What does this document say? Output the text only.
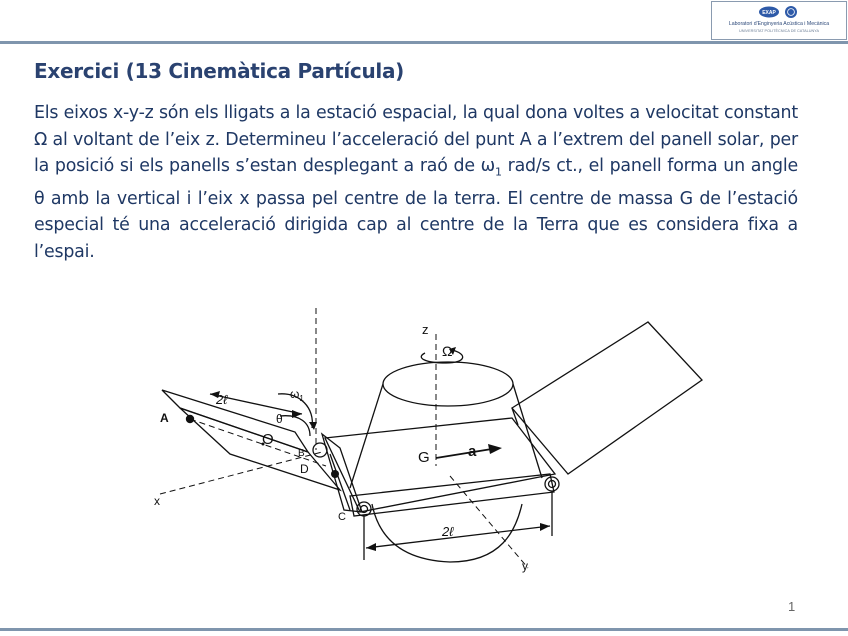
EXAP
Laboratori d'Enginyeria Acústica i Mecànica
UNIVERSITAT POLITÈCNICA DE CATALUNYA
Exercici (13 Cinemàtica Partícula)

Els eixos x-y-z són els lligats a la estació espacial, la qual dona voltes a velocitat constant Ω al voltant de l’eix z. Determineu l’acceleració del punt A a l’extrem del panell solar, per la posició si els panells s’estan desplegant a raó de $\omega_1$ rad/s ct., el panell forma un angle θ amb la vertical i l’eix x passa pel centre de la terra. El centre de massa G de l’estació especial té una acceleració dirigida cap al centre de la Terra que es considera fixa a l’espai.

z
Ω
$\omega_1$
θ
2ℓ
2ℓ
A
O
B
D
C
G	a
x
y
1
